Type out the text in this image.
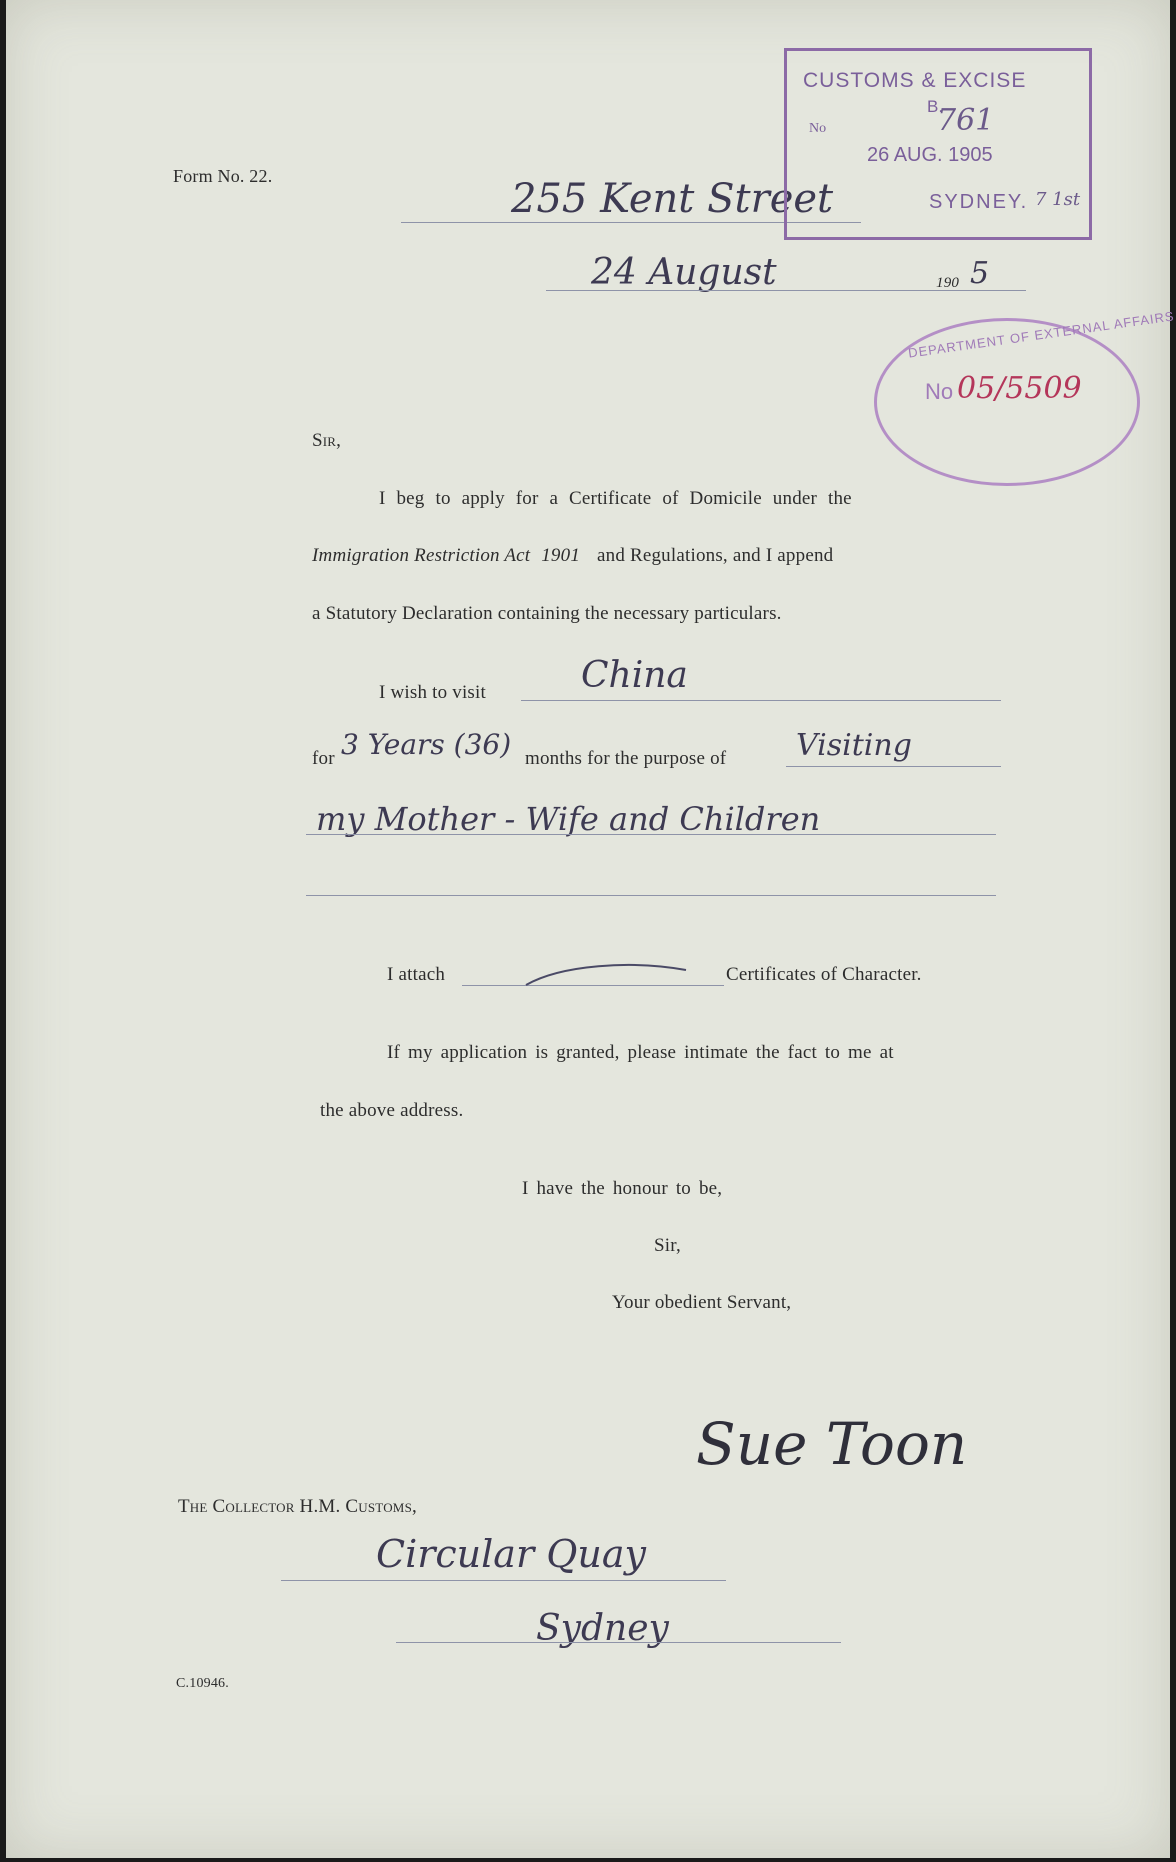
Form No. 22.	255 Kent Street
24 August	190 5
CUSTOMS & EXCISE
B.
No	761
26 AUG. 1905
SYDNEY. 7 1st
DEPARTMENT OF EXTERNAL AFFAIRS
No 05/5509
Sir,
I beg to apply for a Certificate of Domicile under the
Immigration Restriction Act 1901 and Regulations, and I append
a Statutory Declaration containing the necessary particulars.
I wish to visit	China
for 3 Years (36) months for the purpose of Visiting
my Mother - Wife and Children
I attach	Certificates of Character.
If my application is granted, please intimate the fact to me at
the above address.
I have the honour to be,
Sir,
Your obedient Servant,
Sue Toon
The Collector H.M. Customs,
Circular Quay
Sydney
C.10946.
